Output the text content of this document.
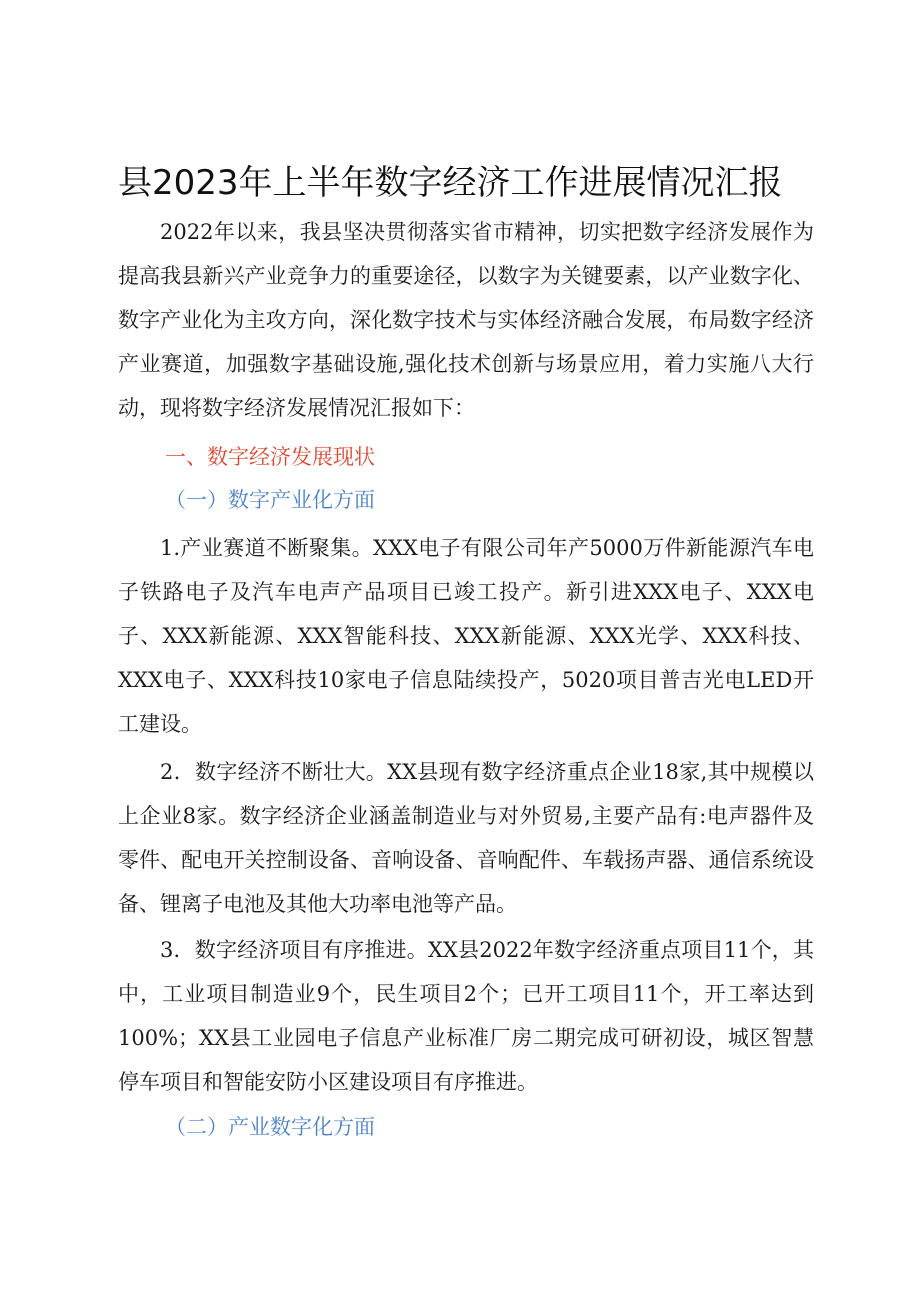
县2023年上半年数字经济工作进展情况汇报

2022年以来，我县坚决贯彻落实省市精神，切实把数字经济发展作为提高我县新兴产业竞争力的重要途径，以数字为关键要素，以产业数字化、数字产业化为主攻方向，深化数字技术与实体经济融合发展，布局数字经济产业赛道，加强数字基础设施,强化技术创新与场景应用，着力实施八大行动，现将数字经济发展情况汇报如下：

一、数字经济发展现状
（一）数字产业化方面

1.产业赛道不断聚集。XXX电子有限公司年产5000万件新能源汽车电子铁路电子及汽车电声产品项目已竣工投产。新引进XXX电子、XXX电子、XXX新能源、XXX智能科技、XXX新能源、XXX光学、XXX科技、XXX电子、XXX科技10家电子信息陆续投产，5020项目普吉光电LED开工建设。

2．数字经济不断壮大。XX县现有数字经济重点企业18家,其中规模以上企业8家。数字经济企业涵盖制造业与对外贸易,主要产品有:电声器件及零件、配电开关控制设备、音响设备、音响配件、车载扬声器、通信系统设备、锂离子电池及其他大功率电池等产品。

3．数字经济项目有序推进。XX县2022年数字经济重点项目11个，其中，工业项目制造业9个，民生项目2个；已开工项目11个，开工率达到100%；XX县工业园电子信息产业标准厂房二期完成可研初设，城区智慧停车项目和智能安防小区建设项目有序推进。

（二）产业数字化方面
